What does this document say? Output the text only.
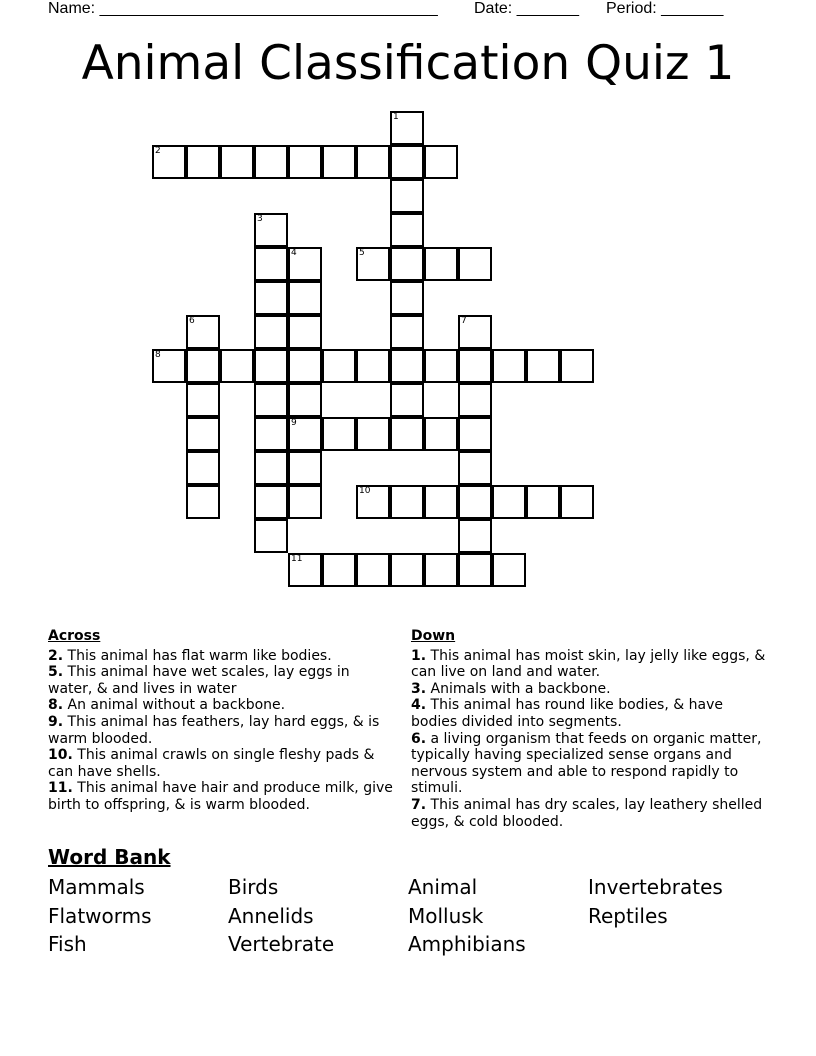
Name: ______________________________________ Date: _______ Period: _______
Animal Classification Quiz 1
1
2
3
4
9
5
6	7
8
10
11
Across
2. This animal has flat warm like bodies.
5. This animal have wet scales, lay eggs in water, & and lives in water
8. An animal without a backbone.
9. This animal has feathers, lay hard eggs, & is warm blooded.
10. This animal crawls on single fleshy pads & can have shells.
11. This animal have hair and produce milk, give birth to offspring, & is warm blooded.
Down
1. This animal has moist skin, lay jelly like eggs, & can live on land and water.
3. Animals with a backbone.
4. This animal has round like bodies, & have bodies divided into segments.
6. a living organism that feeds on organic matter, typically having specialized sense organs and nervous system and able to respond rapidly to stimuli.
7. This animal has dry scales, lay leathery shelled eggs, & cold blooded.
Word Bank
Mammals	Birds	Animal	Invertebrates
Flatworms	Annelids	Mollusk	Reptiles
Fish	Vertebrate	Amphibians
